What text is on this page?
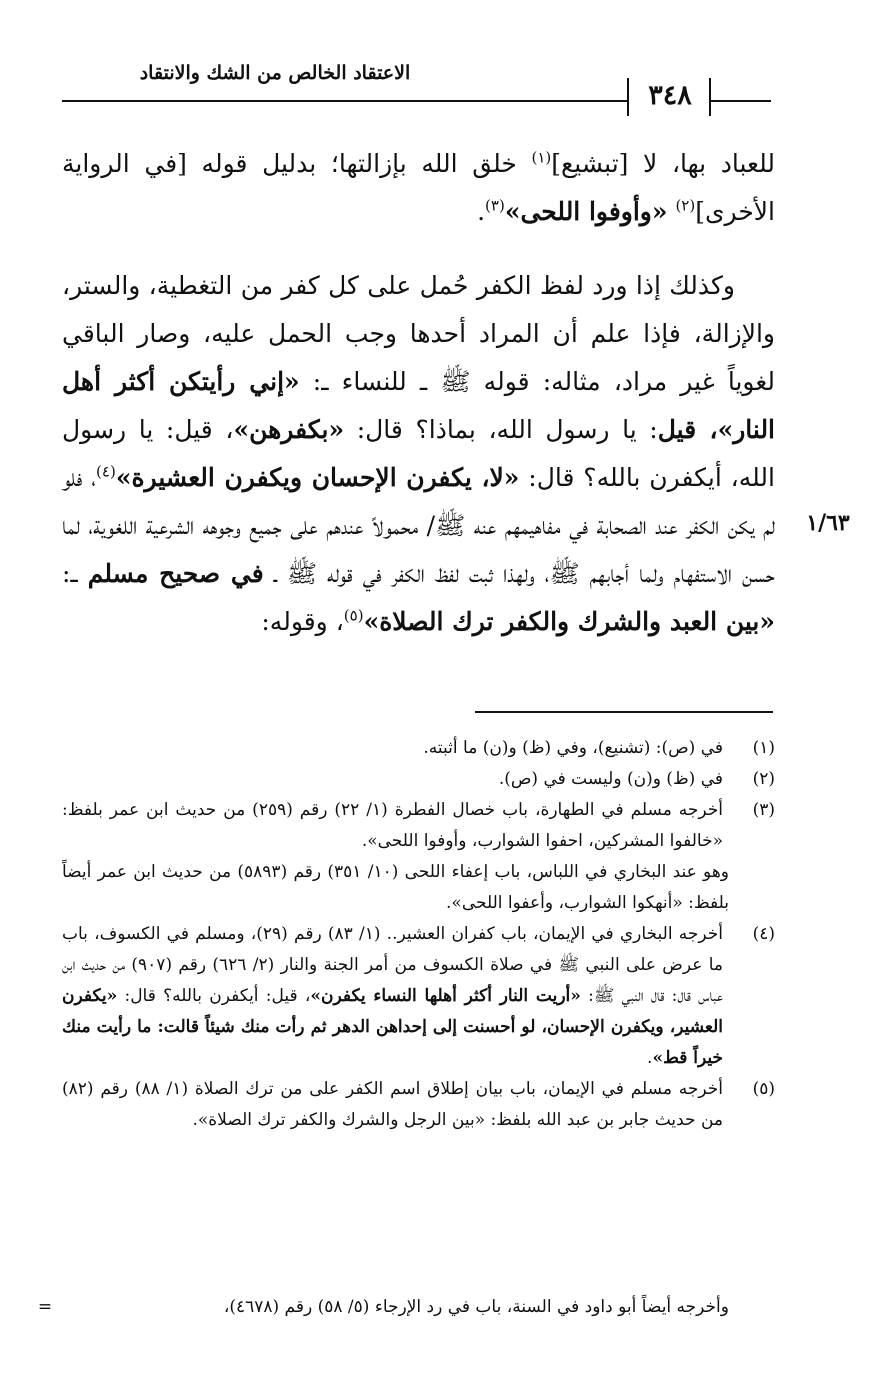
الاعتقاد الخالص من الشك والانتقاد
٣٤٨

للعباد بها، لا [تبشيع]$^{(١)}$ خلق الله بإزالتها؛ بدليل قوله [في الرواية الأخرى]$^{(٢)}$ «وأوفوا اللحى»$^{(٣)}$.

وكذلك إذا ورد لفظ الكفر حُمل على كل كفر من التغطية، والستر، والإزالة، فإذا علم أن المراد أحدها وجب الحمل عليه، وصار الباقي لغوياً غير مراد، مثاله: قوله ﷺ ـ للنساء ـ: «إني رأيتكن أكثر أهل النار»، قيل: يا رسول الله، بماذا؟ قال: «بكفرهن»، قيل: يا رسول الله، أيكفرن بالله؟ قال: «لا، يكفرن الإحسان ويكفرن العشيرة»$^{(٤)}$، فلو لم يكن الكفر عند الصحابة في مفاهيمهم عنه ﷺ/ محمولاً عندهم على جميع وجوهه الشرعية اللغوية، لما حسن الاستفهام ولما أجابهم ﷺ، ولهذا ثبت لفظ الكفر في قوله ﷺ ـ في صحيح مسلم ـ: «بين العبد والشرك والكفر ترك الصلاة»$^{(٥)}$، وقوله:

١/٦٣
(١)
في (ص): (تشنيع)، وفي (ظ) و(ن) ما أثبته.
(٢)
في (ظ) و(ن) وليست في (ص).
(٣)
أخرجه مسلم في الطهارة، باب خصال الفطرة (١/ ٢٢) رقم (٢٥٩) من حديث ابن عمر بلفظ: «خالفوا المشركين، احفوا الشوارب، وأوفوا اللحى».

وهو عند البخاري في اللباس، باب إعفاء اللحى (١٠/ ٣٥١) رقم (٥٨٩٣) من حديث ابن عمر أيضاً بلفظ: «أنهكوا الشوارب، وأعفوا اللحى».

(٤)
أخرجه البخاري في الإيمان، باب كفران العشير.. (١/ ٨٣) رقم (٢٩)، ومسلم في الكسوف، باب ما عرض على النبي ﷺ في صلاة الكسوف من أمر الجنة والنار (٢/ ٦٢٦) رقم (٩٠٧) من حديث ابن عباس قال: قال النبي ﷺ: «أريت النار أكثر أهلها النساء يكفرن»، قيل: أيكفرن بالله؟ قال: «يكفرن العشير، ويكفرن الإحسان، لو أحسنت إلى إحداهن الدهر ثم رأت منك شيئاً قالت: ما رأيت منك خيراً قط».
(٥)
أخرجه مسلم في الإيمان، باب بيان إطلاق اسم الكفر على من ترك الصلاة (١/ ٨٨) رقم (٨٢) من حديث جابر بن عبد الله بلفظ: «بين الرجل والشرك والكفر ترك الصلاة».
=	وأخرجه أيضاً أبو داود في السنة، باب في رد الإرجاء (٥/ ٥٨) رقم (٤٦٧٨)،
